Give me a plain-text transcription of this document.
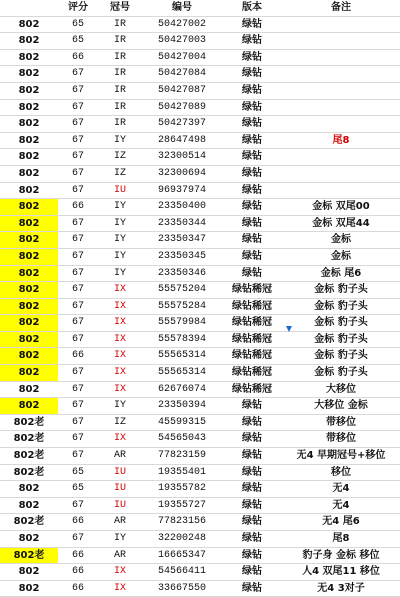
	评分	冠号	编号	版本	备注
802	65	IR	50427002	绿钻	
802	65	IR	50427003	绿钻	
802	66	IR	50427004	绿钻	
802	67	IR	50427084	绿钻	
802	67	IR	50427087	绿钻	
802	67	IR	50427089	绿钻	
802	67	IR	50427397	绿钻	
802	67	IY	28647498	绿钻	尾8
802	67	IZ	32300514	绿钻	
802	67	IZ	32300694	绿钻	
802	67	IU	96937974	绿钻	
802	66	IY	23350400	绿钻	金标 双尾00
802	67	IY	23350344	绿钻	金标 双尾44
802	67	IY	23350347	绿钻	金标
802	67	IY	23350345	绿钻	金标
802	67	IY	23350346	绿钻	金标 尾6
802	67	IX	55575204	绿钻稀冠	金标 豹子头
802	67	IX	55575284	绿钻稀冠	金标 豹子头
802	67	IX	55579984	绿钻稀冠	金标 豹子头
802	67	IX	55578394	绿钻稀冠	金标 豹子头
802	66	IX	55565314	绿钻稀冠	金标 豹子头
802	67	IX	55565314	绿钻稀冠	金标 豹子头
802	67	IX	62676074	绿钻稀冠	大移位
802	67	IY	23350394	绿钻	大移位 金标
802老	67	IZ	45599315	绿钻	带移位
802老	67	IX	54565043	绿钻	带移位
802老	67	AR	77823159	绿钻	无4 早期冠号+移位
802老	65	IU	19355401	绿钻	移位
802	65	IU	19355782	绿钻	无4
802	67	IU	19355727	绿钻	无4
802老	66	AR	77823156	绿钻	无4 尾6
802	67	IY	32200248	绿钻	尾8
802老	66	AR	16665347	绿钻	豹子身 金标 移位
802	66	IX	54566411	绿钻	人4 双尾11 移位
802	66	IX	33667550	绿钻	无4 3对子
